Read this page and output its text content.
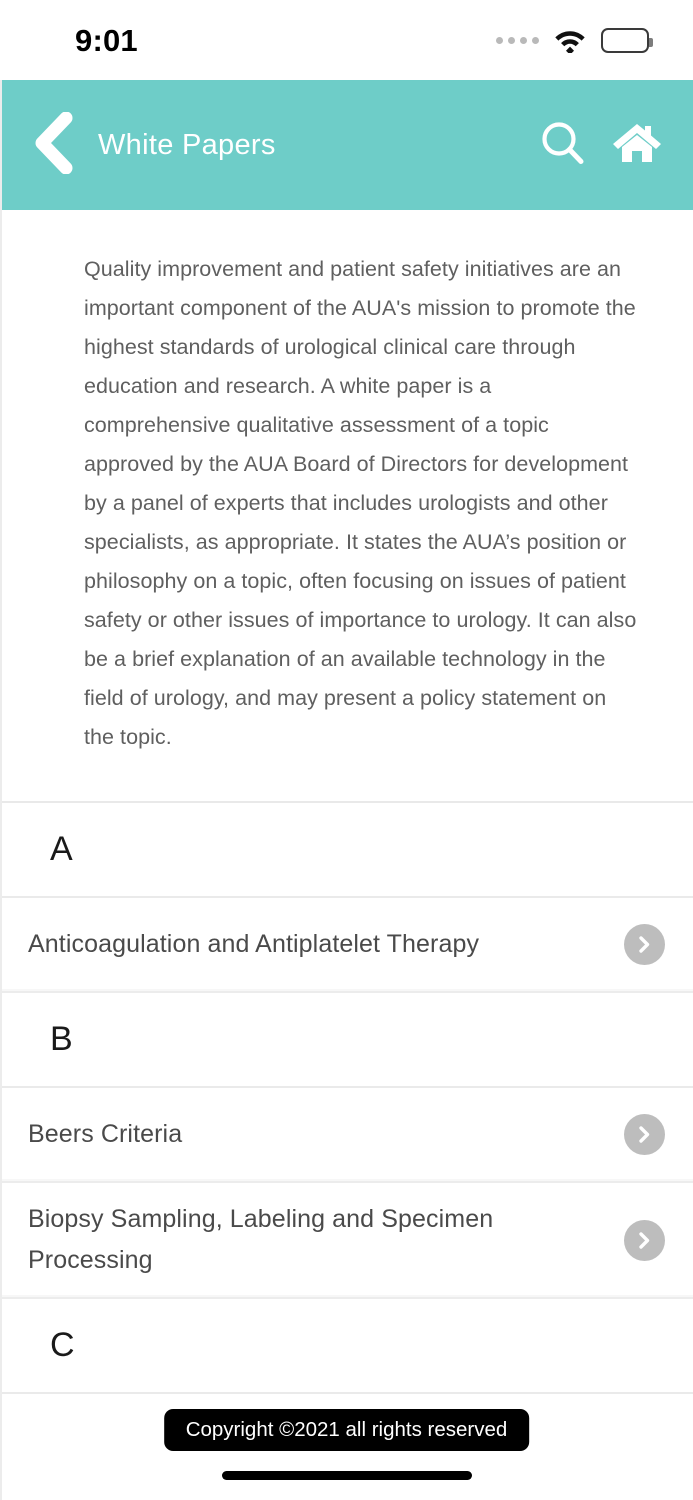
9:01
White Papers

Quality improvement and patient safety initiatives are an important component of the AUA's mission to promote the highest standards of urological clinical care through education and research. A white paper is a comprehensive qualitative assessment of a topic approved by the AUA Board of Directors for development by a panel of experts that includes urologists and other specialists, as appropriate. It states the AUA’s position or philosophy on a topic, often focusing on issues of patient safety or other issues of importance to urology. It can also be a brief explanation of an available technology in the field of urology, and may present a policy statement on the topic.

A
Anticoagulation and Antiplatelet Therapy
B
Beers Criteria
Biopsy Sampling, Labeling and Specimen Processing
C
Copyright ©2021 all rights reserved
